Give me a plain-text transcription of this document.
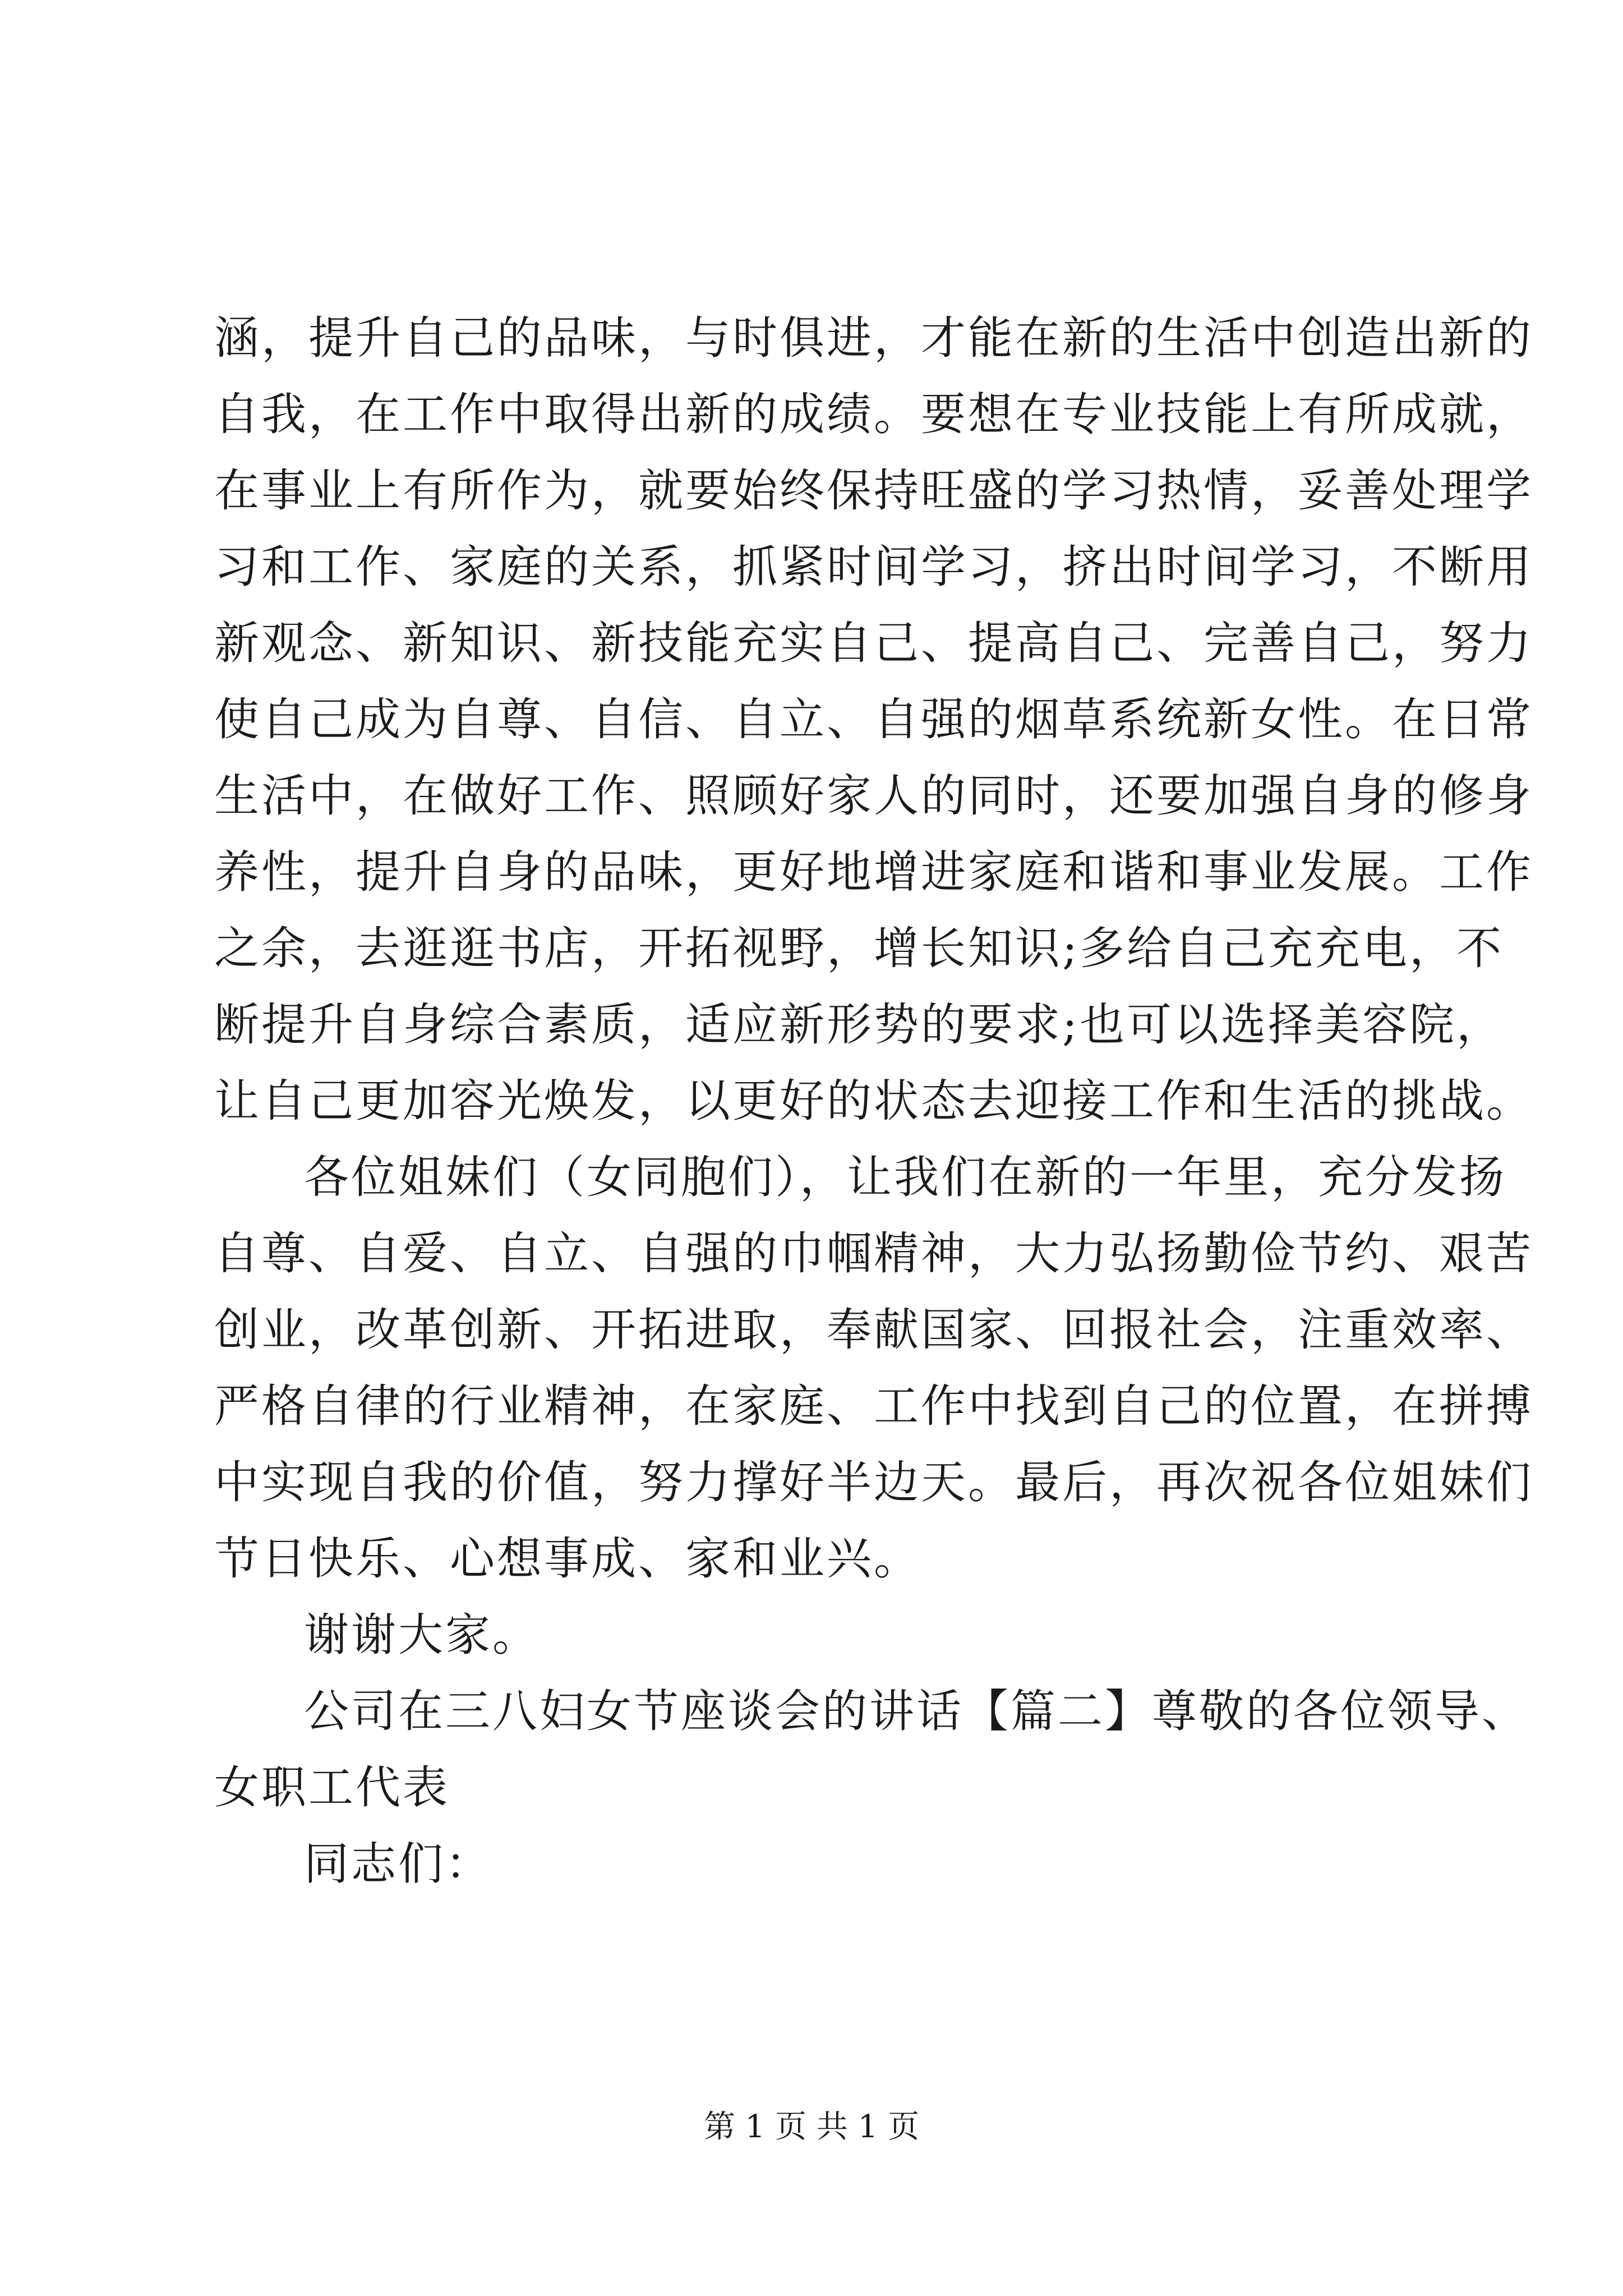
涵，提升自己的品味，与时俱进，才能在新的生活中创造出新的
自我，在工作中取得出新的成绩。要想在专业技能上有所成就，
在事业上有所作为，就要始终保持旺盛的学习热情，妥善处理学
习和工作、家庭的关系，抓紧时间学习，挤出时间学习，不断用
新观念、新知识、新技能充实自己、提高自己、完善自己，努力
使自己成为自尊、自信、自立、自强的烟草系统新女性。在日常
生活中，在做好工作、照顾好家人的同时，还要加强自身的修身
养性，提升自身的品味，更好地增进家庭和谐和事业发展。工作
之余，去逛逛书店，开拓视野，增长知识;多给自己充充电，不
断提升自身综合素质，适应新形势的要求;也可以选择美容院，
让自己更加容光焕发，以更好的状态去迎接工作和生活的挑战。
各位姐妹们（女同胞们），让我们在新的一年里，充分发扬
自尊、自爱、自立、自强的巾帼精神，大力弘扬勤俭节约、艰苦
创业，改革创新、开拓进取，奉献国家、回报社会，注重效率、
严格自律的行业精神，在家庭、工作中找到自己的位置，在拼搏
中实现自我的价值，努力撑好半边天。最后，再次祝各位姐妹们
节日快乐、心想事成、家和业兴。
谢谢大家。
公司在三八妇女节座谈会的讲话【篇二】尊敬的各位领导、
女职工代表
同志们：
第 1 页 共 1 页
